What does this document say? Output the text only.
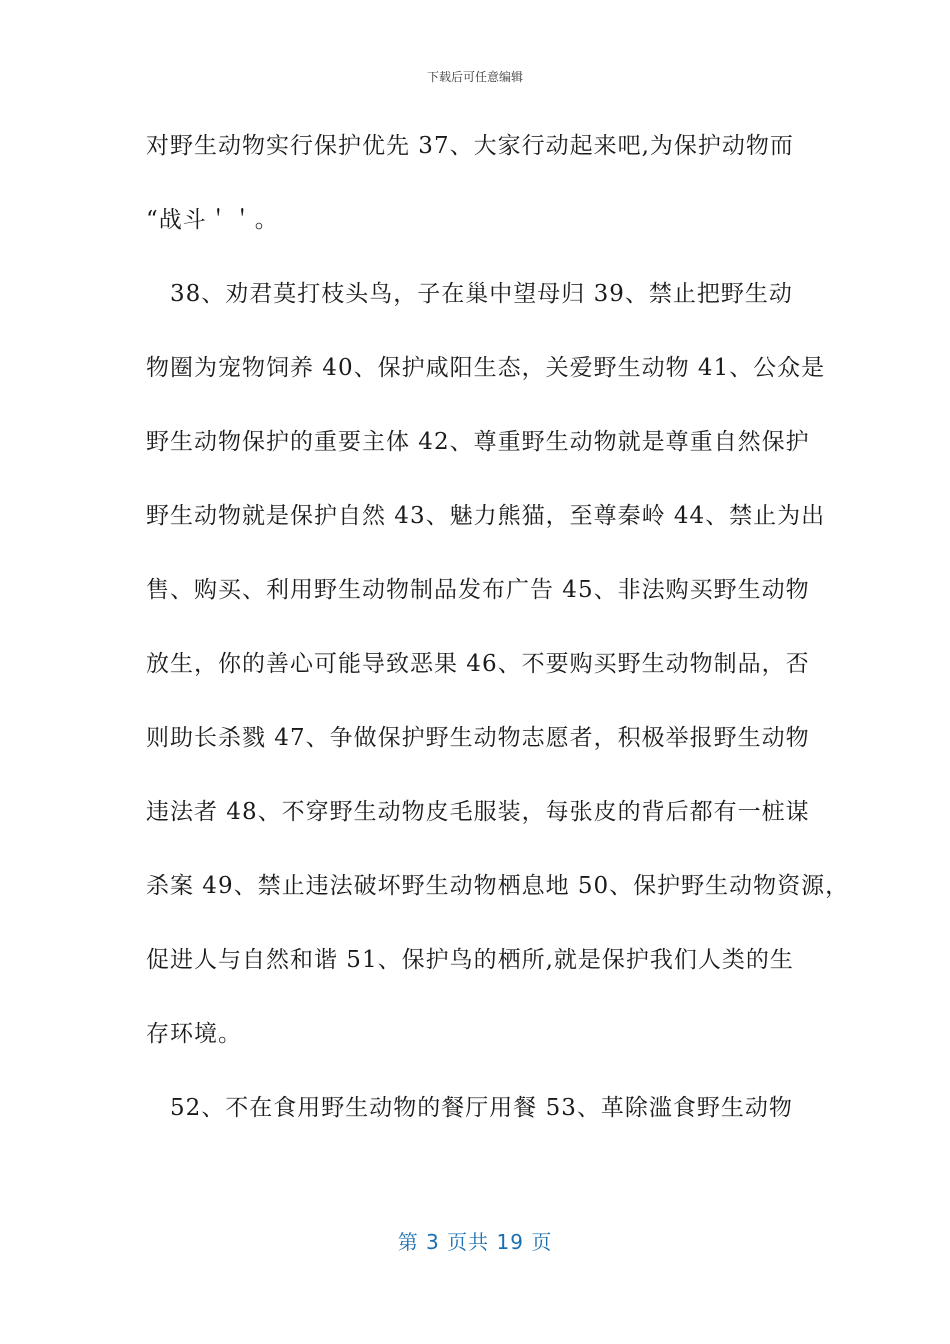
下载后可任意编辑
对野生动物实行保护优先 37、大家行动起来吧,为保护动物而
“战斗＇＇。
　38、劝君莫打枝头鸟，子在巢中望母归 39、禁止把野生动
物圈为宠物饲养 40、保护咸阳生态，关爱野生动物 41、公众是
野生动物保护的重要主体 42、尊重野生动物就是尊重自然保护
野生动物就是保护自然 43、魅力熊猫，至尊秦岭 44、禁止为出
售、购买、利用野生动物制品发布广告 45、非法购买野生动物
放生，你的善心可能导致恶果 46、不要购买野生动物制品，否
则助长杀戮 47、争做保护野生动物志愿者，积极举报野生动物
违法者 48、不穿野生动物皮毛服装，每张皮的背后都有一桩谋
杀案 49、禁止违法破坏野生动物栖息地 50、保护野生动物资源，
促进人与自然和谐 51、保护鸟的栖所,就是保护我们人类的生
存环境。
　52、不在食用野生动物的餐厅用餐 53、革除滥食野生动物
第 3 页共 19 页
